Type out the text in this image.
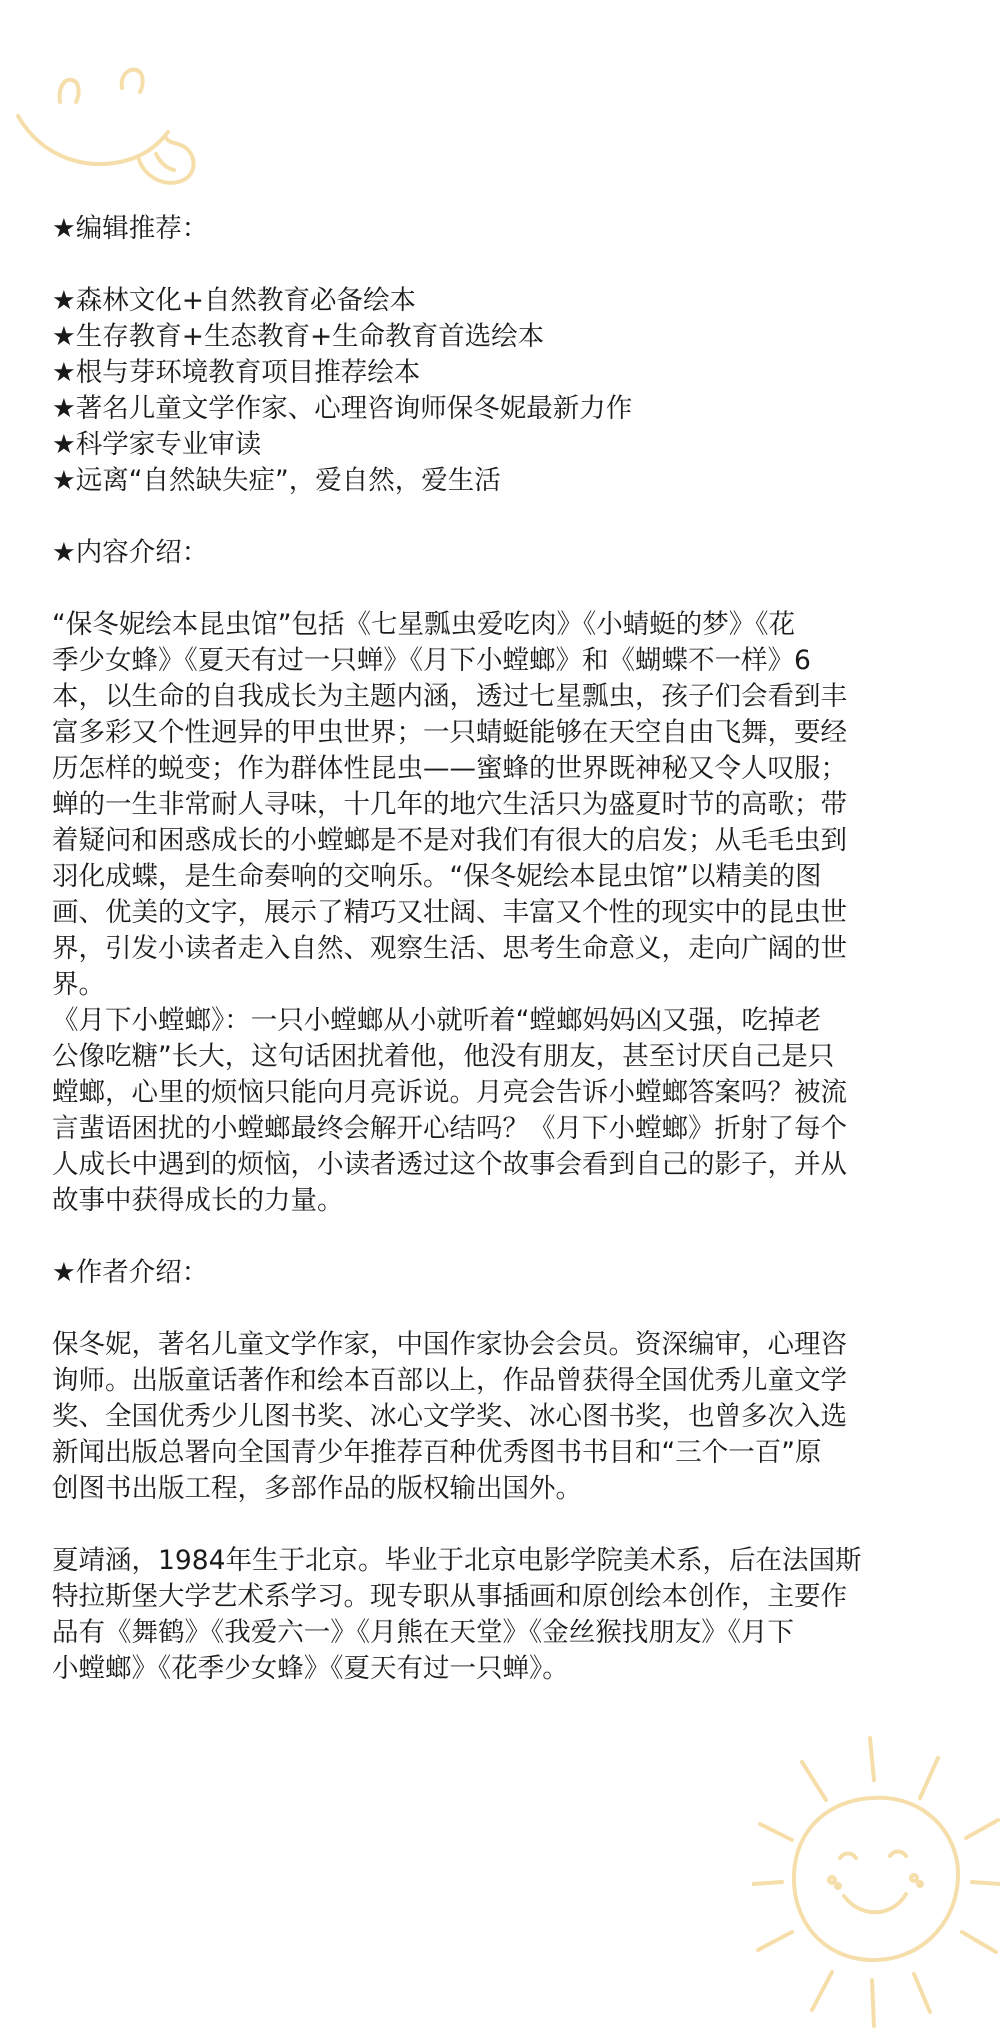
★编辑推荐：
★森林文化+自然教育必备绘本
★生存教育+生态教育+生命教育首选绘本
★根与芽环境教育项目推荐绘本
★著名儿童文学作家、心理咨询师保冬妮最新力作
★科学家专业审读
★远离“自然缺失症”，爱自然，爱生活
★内容介绍：
“保冬妮绘本昆虫馆”包括《七星瓢虫爱吃肉》《小蜻蜓的梦》《花
季少女蜂》《夏天有过一只蝉》《月下小螳螂》和《蝴蝶不一样》6
本，以生命的自我成长为主题内涵，透过七星瓢虫，孩子们会看到丰
富多彩又个性迥异的甲虫世界；一只蜻蜓能够在天空自由飞舞，要经
历怎样的蜕变；作为群体性昆虫——蜜蜂的世界既神秘又令人叹服；
蝉的一生非常耐人寻味，十几年的地穴生活只为盛夏时节的高歌；带
着疑问和困惑成长的小螳螂是不是对我们有很大的启发；从毛毛虫到
羽化成蝶，是生命奏响的交响乐。“保冬妮绘本昆虫馆”以精美的图
画、优美的文字，展示了精巧又壮阔、丰富又个性的现实中的昆虫世
界，引发小读者走入自然、观察生活、思考生命意义，走向广阔的世
界。
《月下小螳螂》：一只小螳螂从小就听着“螳螂妈妈凶又强，吃掉老
公像吃糖”长大，这句话困扰着他，他没有朋友，甚至讨厌自己是只
螳螂，心里的烦恼只能向月亮诉说。月亮会告诉小螳螂答案吗？被流
言蜚语困扰的小螳螂最终会解开心结吗？《月下小螳螂》折射了每个
人成长中遇到的烦恼，小读者透过这个故事会看到自己的影子，并从
故事中获得成长的力量。
★作者介绍：
保冬妮，著名儿童文学作家，中国作家协会会员。资深编审，心理咨
询师。出版童话著作和绘本百部以上，作品曾获得全国优秀儿童文学
奖、全国优秀少儿图书奖、冰心文学奖、冰心图书奖，也曾多次入选
新闻出版总署向全国青少年推荐百种优秀图书书目和“三个一百”原
创图书出版工程，多部作品的版权输出国外。
夏靖涵，1984年生于北京。毕业于北京电影学院美术系，后在法国斯
特拉斯堡大学艺术系学习。现专职从事插画和原创绘本创作，主要作
品有《舞鹤》《我爱六一》《月熊在天堂》《金丝猴找朋友》《月下
小螳螂》《花季少女蜂》《夏天有过一只蝉》。
